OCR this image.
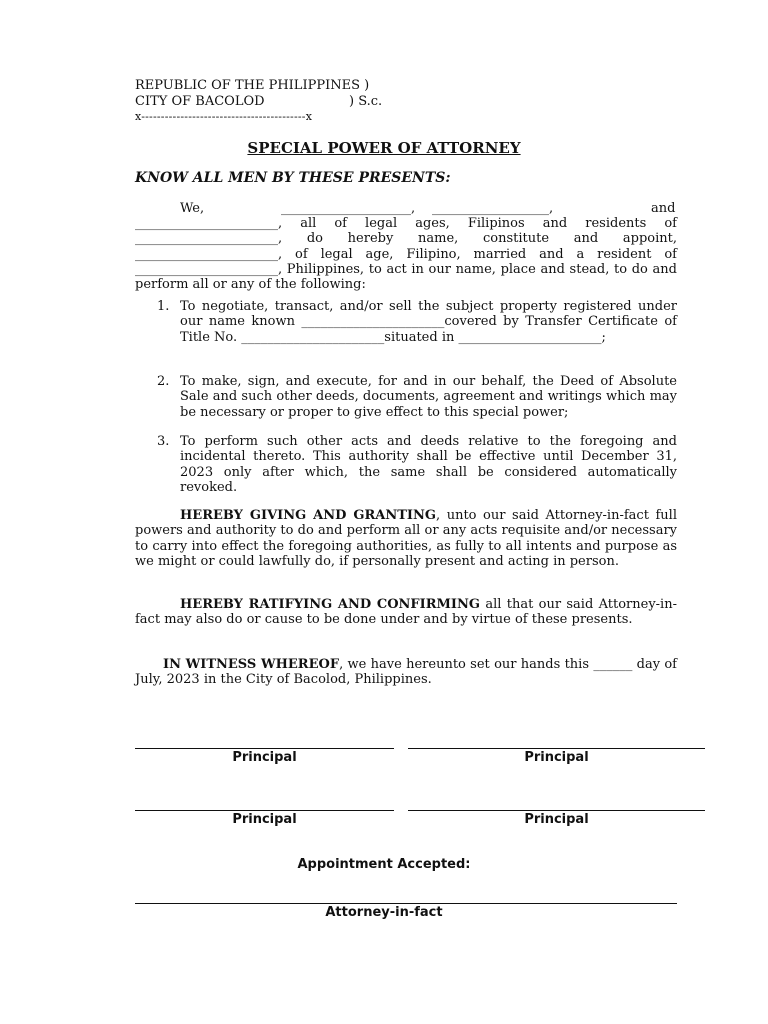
REPUBLIC OF THE PHILIPPINES )
CITY OF BACOLOD	) S.c.
x------------------------------------------x
SPECIAL POWER OF ATTORNEY
KNOW ALL MEN BY THESE PRESENTS:
We,	____________________, __________________,	and
______________________, all of legal ages, Filipinos and residents of ______________________, do hereby name, constitute and appoint, ______________________, of legal age, Filipino, married and a resident of ______________________, Philippines, to act in our name, place and stead, to do and perform all or any of the following:
1. To negotiate, transact, and/or sell the subject property registered under our name known ______________________covered by Transfer Certificate of Title No. ______________________situated in ______________________;
2. To make, sign, and execute, for and in our behalf, the Deed of Absolute Sale and such other deeds, documents, agreement and writings which may be necessary or proper to give effect to this special power;
3. To perform such other acts and deeds relative to the foregoing and incidental thereto. This authority shall be effective until December 31, 2023 only after which, the same shall be considered automatically revoked.
HEREBY GIVING AND GRANTING, unto our said Attorney-in-fact full powers and authority to do and perform all or any acts requisite and/or necessary to carry into effect the foregoing authorities, as fully to all intents and purpose as we might or could lawfully do, if personally present and acting in person.
HEREBY RATIFYING AND CONFIRMING all that our said Attorney-in-fact may also do or cause to be done under and by virtue of these presents.
IN WITNESS WHEREOF, we have hereunto set our hands this ______ day of July, 2023 in the City of Bacolod, Philippines.
Principal	Principal
Principal	Principal
Appointment Accepted:
Attorney-in-fact
